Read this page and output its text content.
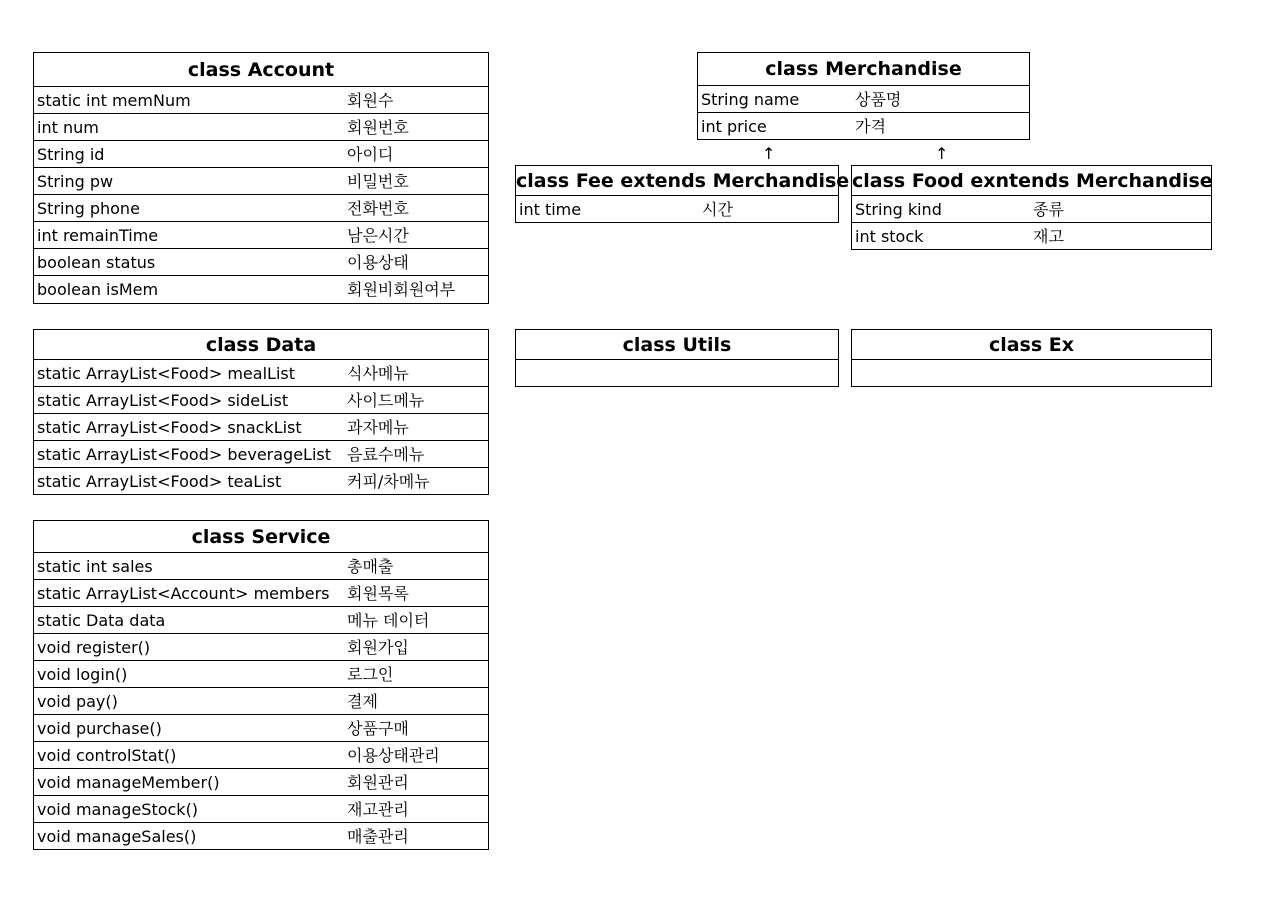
class Account
static int memNum	회원수
int num	회원번호
String id	아이디
String pw	비밀번호
String phone	전화번호
int remainTime	남은시간
boolean status	이용상태
boolean isMem	회원비회원여부
class Merchandise
String name	상품명
int price	가격
↑	↑
class Fee extends Merchandise
int time	시간
class Food exntends Merchandise
String kind	종류
int stock	재고
class Data
static ArrayList<Food> mealList	식사메뉴
static ArrayList<Food> sideList	사이드메뉴
static ArrayList<Food> snackList	과자메뉴
static ArrayList<Food> beverageList 음료수메뉴
static ArrayList<Food> teaList	커피/차메뉴
class Utils	class Ex
class Service
static int sales	총매출
static ArrayList<Account> members 회원목록
static Data data	메뉴 데이터
void register()	회원가입
void login()	로그인
void pay()	결제
void purchase()	상품구매
void controlStat()	이용상태관리
void manageMember()	회원관리
void manageStock()	재고관리
void manageSales()	매출관리
